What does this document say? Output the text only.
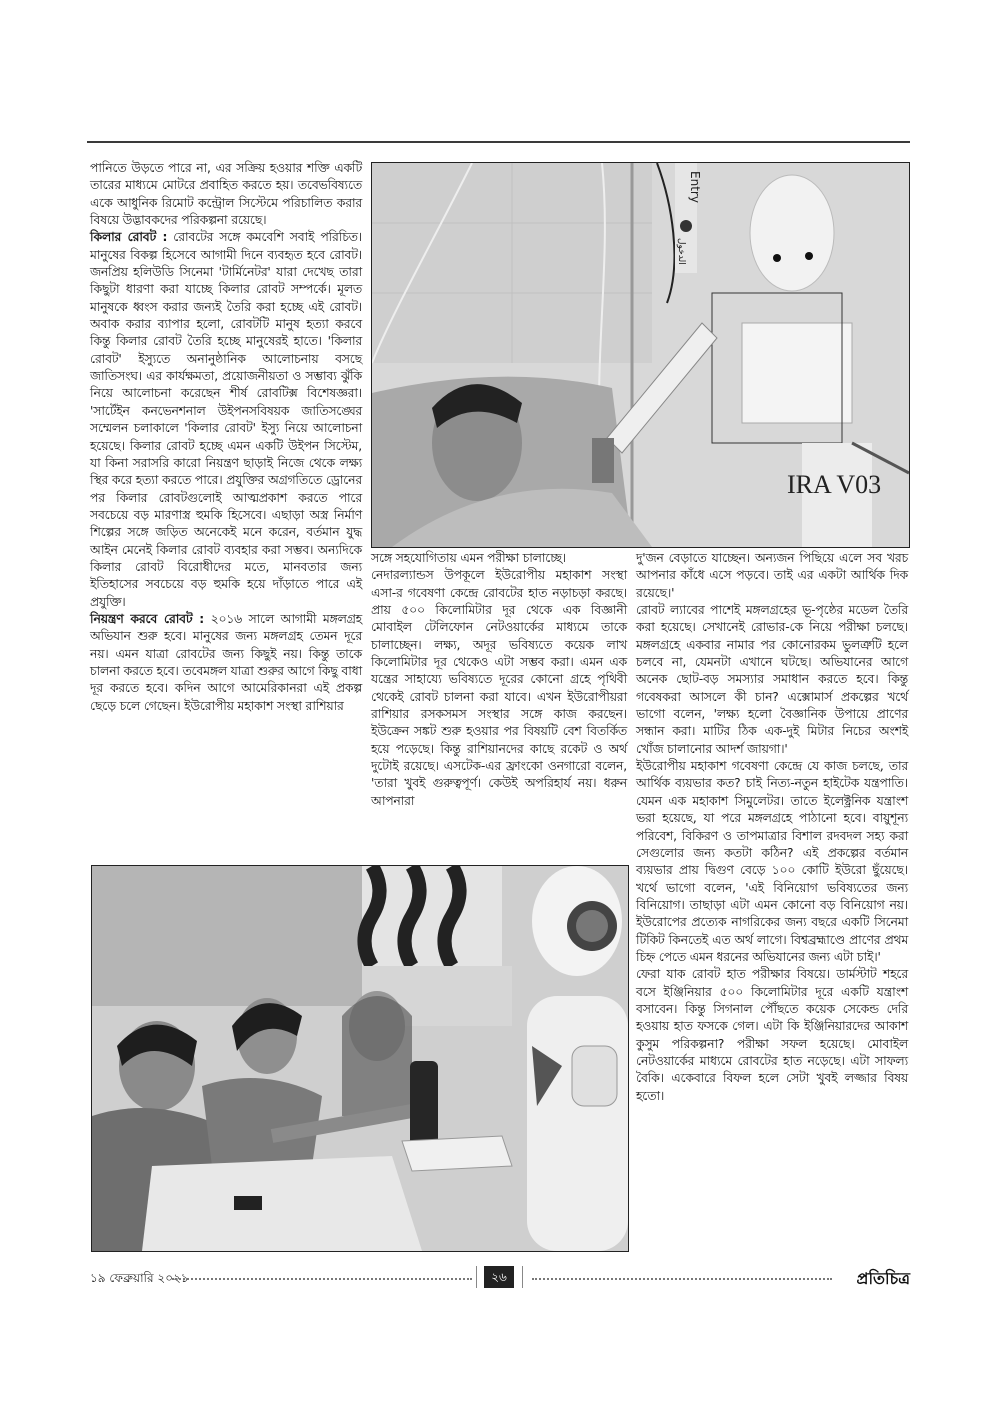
পানিতে উড়তে পারে না, এর সক্রিয় হওয়ার শক্তি একটি তারের মাধ্যমে মোটরে প্রবাহিত করতে হয়। তবেভবিষ্যতে একে আধুনিক রিমোট কন্ট্রোল সিস্টেমে পরিচালিত করার বিষয়ে উদ্ভাবকদের পরিকল্পনা রয়েছে।

কিলার রোবট : রোবটের সঙ্গে কমবেশি সবাই পরিচিত। মানুষের বিকল্প হিসেবে আগামী দিনে ব্যবহৃত হবে রোবট। জনপ্রিয় হলিউডি সিনেমা 'টার্মিনেটর' যারা দেখেছ তারা কিছুটা ধারণা করা যাচ্ছে কিলার রোবট সম্পর্কে। মূলত মানুষকে ধ্বংস করার জন্যই তৈরি করা হচ্ছে এই রোবট। অবাক করার ব্যাপার হলো, রোবটটি মানুষ হত্যা করবে কিন্তু কিলার রোবট তৈরি হচ্ছে মানুষেরই হাতে। 'কিলার রোবট' ইস্যুতে অনানুষ্ঠানিক আলোচনায় বসছে জাতিসংঘ। এর কার্যক্ষমতা, প্রয়োজনীয়তা ও সম্ভাব্য ঝুঁকি নিয়ে আলোচনা করেছেন শীর্ষ রোবটিক্স বিশেষজ্ঞরা। 'সার্টেইন কনভেনশনাল উইপনসবিষয়ক জাতিসঙ্ঘের সম্মেলন চলাকালে 'কিলার রোবট' ইস্যু নিয়ে আলোচনা হয়েছে। কিলার রোবট হচ্ছে এমন একটি উইপন সিস্টেম, যা কিনা সরাসরি কারো নিয়ন্ত্রণ ছাড়াই নিজে থেকে লক্ষ্য স্থির করে হত্যা করতে পারে। প্রযুক্তির অগ্রগতিতে ড্রোনের পর কিলার রোবটগুলোই আত্মপ্রকাশ করতে পারে সবচেয়ে বড় মারণাস্ত্র হুমকি হিসেবে। এছাড়া অস্ত্র নির্মাণ শিল্পের সঙ্গে জড়িত অনেকেই মনে করেন, বর্তমান যুদ্ধ আইন মেনেই কিলার রোবট ব্যবহার করা সম্ভব। অন্যদিকে কিলার রোবট বিরোধীদের মতে, মানবতার জন্য ইতিহাসের সবচেয়ে বড় হুমকি হয়ে দাঁড়াতে পারে এই প্রযুক্তি।

নিয়ন্ত্রণ করবে রোবট : ২০১৬ সালে আগামী মঙ্গলগ্রহ অভিযান শুরু হবে। মানুষের জন্য মঙ্গলগ্রহ তেমন দূরে নয়। এমন যাত্রা রোবটের জন্য কিছুই নয়। কিন্তু তাকে চালনা করতে হবে। তবেমঙ্গল যাত্রা শুরুর আগে কিছু বাধা দূর করতে হবে। কদিন আগে আমেরিকানরা এই প্রকল্প ছেড়ে চলে গেছেন। ইউরোপীয় মহাকাশ সংস্থা রাশিয়ার

Entry
الدخول
IRA V03

সঙ্গে সহযোগিতায় এমন পরীক্ষা চালাচ্ছে।

নেদারল্যান্ডস উপকূলে ইউরোপীয় মহাকাশ সংস্থা এসা-র গবেষণা কেন্দ্রে রোবটের হাত নড়াচড়া করছে। প্রায় ৫০০ কিলোমিটার দূর থেকে এক বিজ্ঞানী মোবাইল টেলিফোন নেটওয়ার্কের মাধ্যমে তাকে চালাচ্ছেন। লক্ষ্য, অদূর ভবিষ্যতে কয়েক লাখ কিলোমিটার দূর থেকেও এটা সম্ভব করা। এমন এক যন্ত্রের সাহায্যে ভবিষ্যতে দূরের কোনো গ্রহে পৃথিবী থেকেই রোবট চালনা করা যাবে। এখন ইউরোপীয়রা রাশিয়ার রসকসমস সংস্থার সঙ্গে কাজ করছেন। ইউক্রেন সঙ্কট শুরু হওয়ার পর বিষয়টি বেশ বিতর্কিত হয়ে পড়েছে। কিন্তু রাশিয়ানদের কাছে রকেট ও অর্থ দুটোই রয়েছে। এসটেক-এর ফ্রাংকো ওনগারো বলেন, 'তারা খুবই গুরুত্বপূর্ণ। কেউই অপরিহার্য নয়। ধরুন আপনারা

দু'জন বেড়াতে যাচ্ছেন। অন্যজন পিছিয়ে এলে সব খরচ আপনার কাঁধে এসে পড়বে। তাই এর একটা আর্থিক দিক রয়েছে।'

রোবট ল্যাবের পাশেই মঙ্গলগ্রহের ভূ-পৃষ্ঠের মডেল তৈরি করা হয়েছে। সেখানেই রোভার-কে নিয়ে পরীক্ষা চলছে। মঙ্গলগ্রহে একবার নামার পর কোনোরকম ভুলত্রুটি হলে চলবে না, যেমনটা এখানে ঘটছে। অভিযানের আগে অনেক ছোট-বড় সমস্যার সমাধান করতে হবে। কিন্তু গবেষকরা আসলে কী চান? এক্সোমার্স প্রকল্পের খর্থে ভাগো বলেন, 'লক্ষ্য হলো বৈজ্ঞানিক উপায়ে প্রাণের সন্ধান করা। মাটির ঠিক এক-দুই মিটার নিচের অংশই খোঁজ চালানোর আদর্শ জায়গা।'

ইউরোপীয় মহাকাশ গবেষণা কেন্দ্রে যে কাজ চলছে, তার আর্থিক ব্যয়ভার কত? চাই নিত্য-নতুন হাইটেক যন্ত্রপাতি। যেমন এক মহাকাশ সিমুলেটর। তাতে ইলেক্ট্রনিক যন্ত্রাংশ ভরা হয়েছে, যা পরে মঙ্গলগ্রহে পাঠানো হবে। বায়ুশূন্য পরিবেশ, বিকিরণ ও তাপমাত্রার বিশাল রদবদল সহ্য করা সেগুলোর জন্য কতটা কঠিন? এই প্রকল্পের বর্তমান ব্যয়ভার প্রায় দ্বিগুণ বেড়ে ১০০ কোটি ইউরো ছুঁয়েছে। খর্থে ভাগো বলেন, 'এই বিনিয়োগ ভবিষ্যতের জন্য বিনিয়োগ। তাছাড়া এটা এমন কোনো বড় বিনিয়োগ নয়। ইউরোপের প্রত্যেক নাগরিকের জন্য বছরে একটি সিনেমা টিকিট কিনতেই এত অর্থ লাগে। বিশ্বব্রহ্মাণ্ডে প্রাণের প্রথম চিহ্ন পেতে এমন ধরনের অভিযানের জন্য এটা চাই।'

ফেরা যাক রোবট হাত পরীক্ষার বিষয়ে। ডার্মস্টাট শহরে বসে ইঞ্জিনিয়ার ৫০০ কিলোমিটার দূরে একটি যন্ত্রাংশ বসাবেন। কিন্তু সিগনাল পৌঁছতে কয়েক সেকেন্ড দেরি হওয়ায় হাত ফসকে গেল। এটা কি ইঞ্জিনিয়ারদের আকাশ কুসুম পরিকল্পনা? পরীক্ষা সফল হয়েছে। মোবাইল নেটওয়ার্কের মাধ্যমে রোবটের হাত নড়েছে। এটা সাফল্য বৈকি। একেবারে বিফল হলে সেটা খুবই লজ্জার বিষয় হতো।

১৯ ফেব্রুয়ারি ২০২১	২৬	প্রতিচিত্র
